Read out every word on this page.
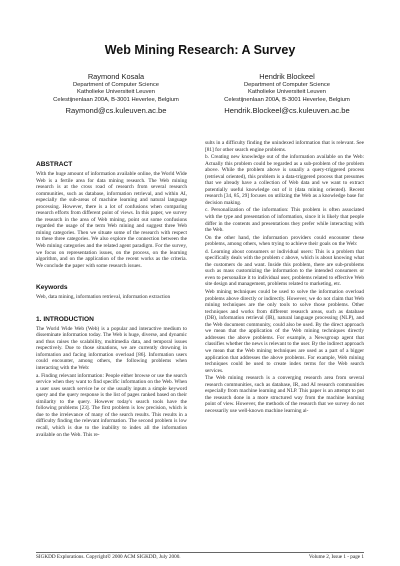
Web Mining Research: A Survey
Raymond Kosala
Department of Computer Science
Katholieke Universiteit Leuven
Celestijnenlaan 200A, B-3001 Heverlee, Belgium
Raymond@cs.kuleuven.ac.be
Hendrik Blockeel
Department of Computer Science
Katholieke Universiteit Leuven
Celestijnenlaan 200A, B-3001 Heverlee, Belgium
Hendrik.Blockeel@cs.kuleuven.ac.be
ABSTRACT

With the huge amount of information available online, the World Wide Web is a fertile area for data mining research. The Web mining research is at the cross road of research from several research communities, such as database, information retrieval, and within AI, especially the sub-areas of machine learning and natural language processing. However, there is a lot of confusions when comparing research efforts from different point of views. In this paper, we survey the research in the area of Web mining, point out some confusions regarded the usage of the term Web mining and suggest three Web mining categories. Then we situate some of the research with respect to these three categories. We also explore the connection between the Web mining categories and the related agent paradigm. For the survey, we focus on representation issues, on the process, on the learning algorithm, and on the application of the recent works as the criteria. We conclude the paper with some research issues.

Keywords

Web, data mining, information retrieval, information extraction

1. INTRODUCTION

The World Wide Web (Web) is a popular and interactive medium to disseminate information today. The Web is huge, diverse, and dynamic and thus raises the scalability, multimedia data, and temporal issues respectively. Due to those situations, we are currently drowning in information and facing information overload [86]. Information users could encounter, among others, the following problems when interacting with the Web:

a. Finding relevant information: People either browse or use the search service when they want to find specific information on the Web. When a user uses search service he or she usually inputs a simple keyword query and the query response is the list of pages ranked based on their similarity to the query. However today's search tools have the following problems [23]. The first problem is low precision, which is due to the irrelevance of many of the search results. This results in a difficulty finding the relevant information. The second problem is low recall, which is due to the inability to index all the information available on the Web. This re-

sults in a difficulty finding the unindexed information that is relevant. See [81] for other search engine problems.

b. Creating new knowledge out of the information available on the Web: Actually this problem could be regarded as a sub-problem of the problem above. While the problem above is usually a query-triggered process (retrieval oriented), this problem is a data-triggered process that presumes that we already have a collection of Web data and we want to extract potentially useful knowledge out of it (data mining oriented). Recent research [34, 85, 29] focuses on utilizing the Web as a knowledge base for decision making.

c. Personalization of the information: This problem is often associated with the type and presentation of information, since it is likely that people differ in the contents and presentations they prefer while interacting with the Web.

On the other hand, the information providers could encounter these problems, among others, when trying to achieve their goals on the Web:

d. Learning about consumers or individual users: This is a problem that specifically deals with the problem c above, which is about knowing what the customers do and want. Inside this problem, there are sub-problems such as mass customizing the information to the intended consumers or even to personalize it to individual user, problems related to effective Web site design and management, problems related to marketing, etc.

Web mining techniques could be used to solve the information overload problems above directly or indirectly. However, we do not claim that Web mining techniques are the only tools to solve those problems. Other techniques and works from different research areas, such as database (DB), information retrieval (IR), natural language processing (NLP), and the Web document community, could also be used. By the direct approach we mean that the application of the Web mining techniques directly addresses the above problems. For example, a Newsgroup agent that classifies whether the news is relevant to the user. By the indirect approach we mean that the Web mining techniques are used as a part of a bigger application that addresses the above problems. For example, Web mining techniques could be used to create index terms for the Web search services.

The Web mining research is a converging research area from several research communities, such as database, IR, and AI research communities especially from machine learning and NLP. This paper is an attempt to put the research done in a more structured way from the machine learning point of view. However, the methods of the research that we survey do not necessarily use well-known machine learning al-

SIGKDD Explorations. Copyright© 2000 ACM SIGKDD, July 2000.	Volume 2, Issue 1 - page 1
